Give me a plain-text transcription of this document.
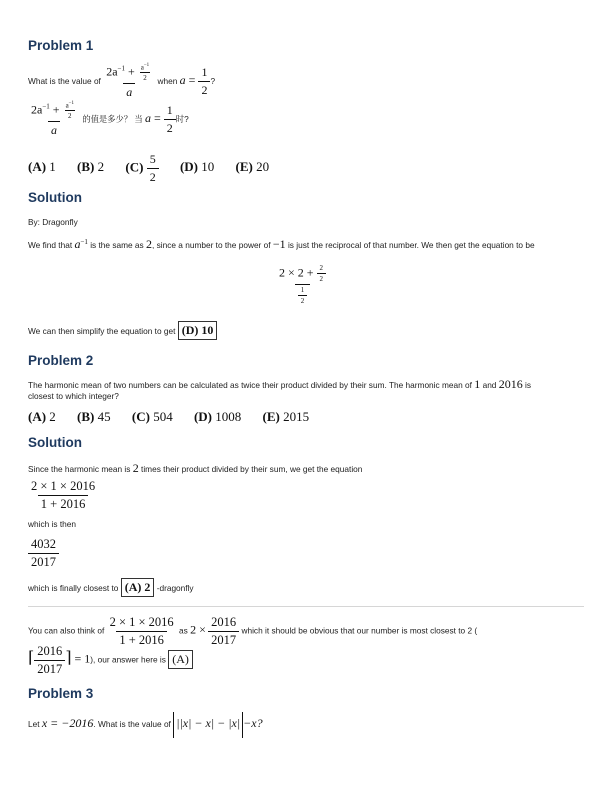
Problem 1
What is the value of $\frac{2a^{-1} + \frac{a^{-1}}{2}}{a}$ when $a = \frac{1}{2}$ ?
$\frac{2a^{-1} + \frac{a^{-1}}{2}}{a}$ 的值是多少？ 当 $a = \frac{1}{2}$ 时?
(A) 1 (B) 2 $(C) \frac{5}{2} (D)$ 10 (E) 20
Solution
By: Dragonfly
We find that $a^{-1}$ is the same as 2, since a number to the power of −1 is just the reciprocal of that number. We then get the equation to be
$\frac{2 \times 2 + \frac{2}{2}}{\frac{1}{2}}$
We can then simplify the equation to get (D) 10
Problem 2
The harmonic mean of two numbers can be calculated as twice their product divided by their sum. The harmonic mean of 1 and 2016 is
closest to which integer?
(A) 2 (B) 45 (C) 504 (D) 1008 (E) 2015
Solution
Since the harmonic mean is 2 times their product divided by their sum, we get the equation
$\frac{2 \times 1 \times 2016}{1 + 2016}$
which is then
$\frac{4032}{2017}$
which is finally closest to (A) 2 -dragonfly
You can also think of $\frac{2 \times 1 \times 2016}{1 + 2016}$ as $2 \times \frac{2016}{2017}$ which it should be obvious that our number is most closest to 2 (
⌈ $\frac{2016}{2017}$ ⌉ = 1), our answer here is (A)
Problem 3
Let x = −2016. What is the value of ||x| − x| − |x| −x?
